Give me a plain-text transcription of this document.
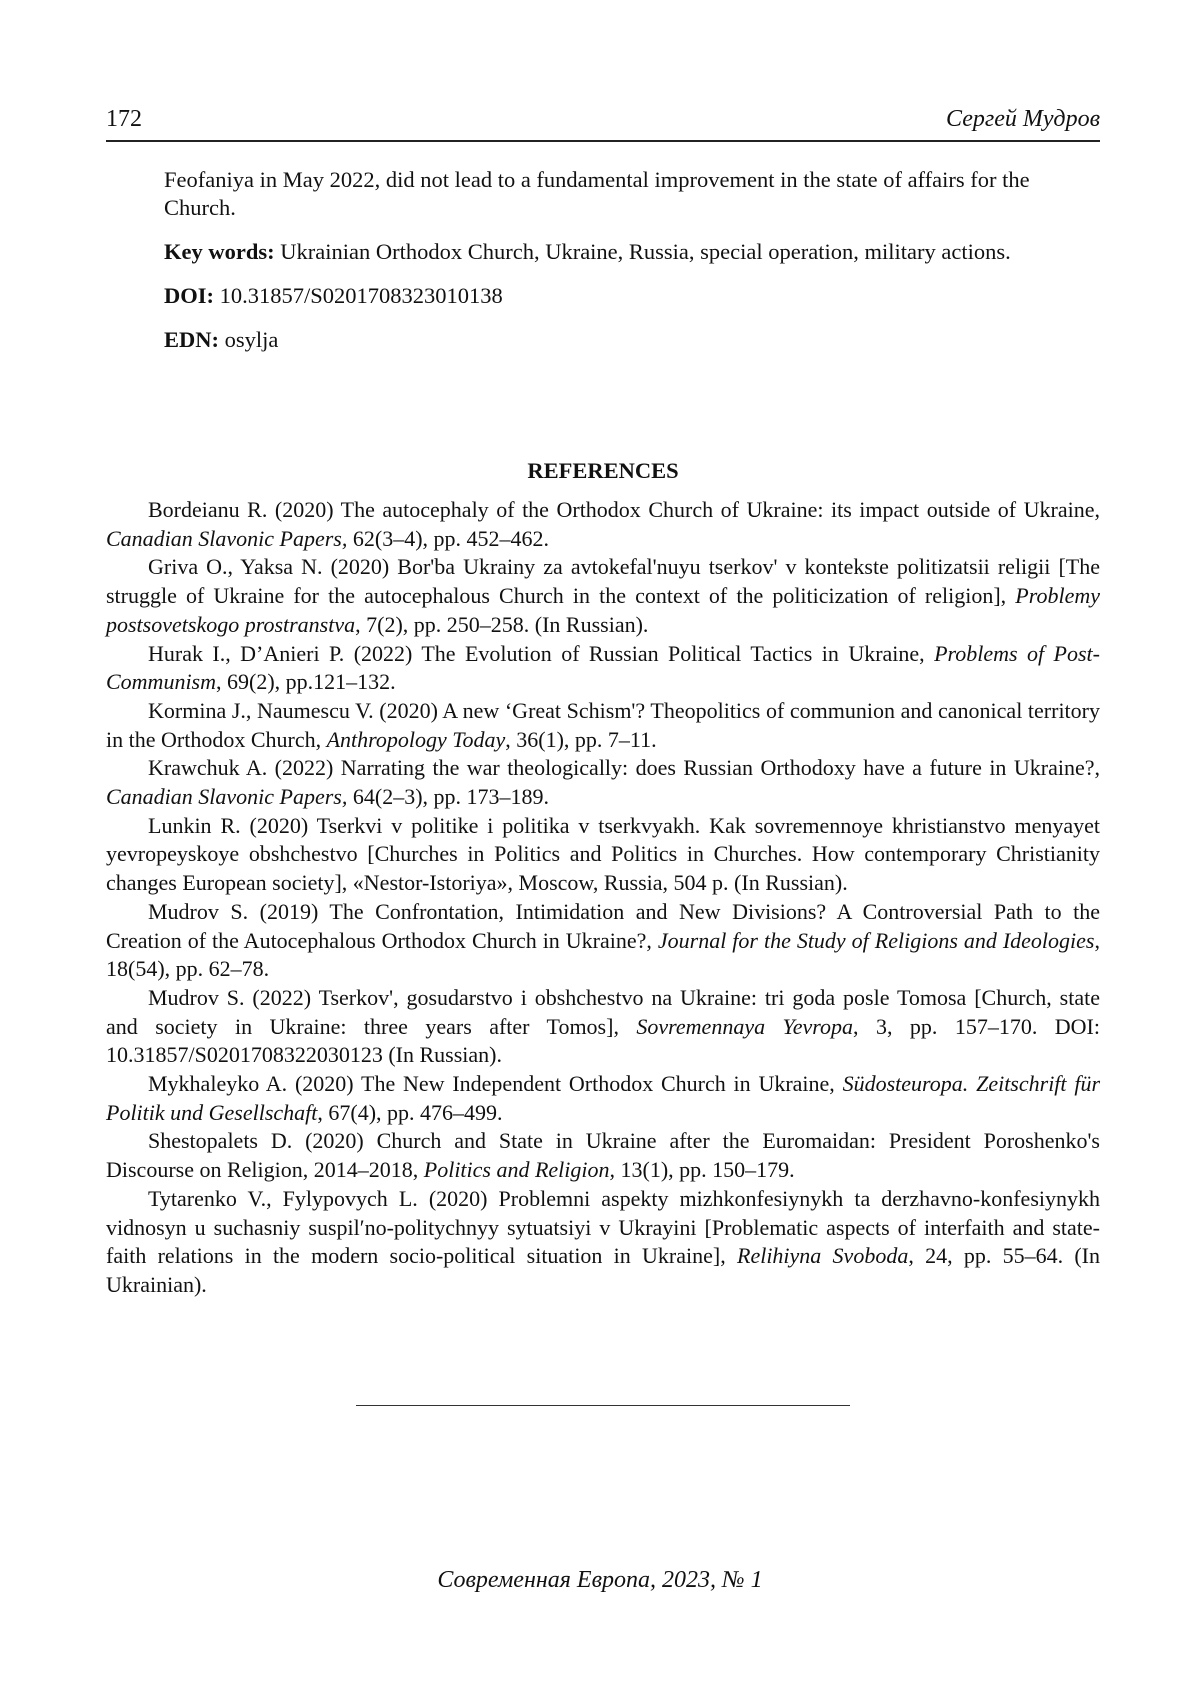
172	Сергей Мудров

Feofaniya in May 2022, did not lead to a fundamental improvement in the state of affairs for the Church.

Key words: Ukrainian Orthodox Church, Ukraine, Russia, special operation, military actions.

DOI: 10.31857/S0201708323010138

EDN: osylja

REFERENCES

Bordeianu R. (2020) The autocephaly of the Orthodox Church of Ukraine: its impact outside of Ukraine, Canadian Slavonic Papers, 62(3–4), pp. 452–462.

Griva O., Yaksa N. (2020) Bor'ba Ukrainy za avtokefal'nuyu tserkov' v kontekste politizatsii religii [The struggle of Ukraine for the autocephalous Church in the context of the politicization of religion], Problemy postsovetskogo prostranstva, 7(2), pp. 250–258. (In Russian).

Hurak I., D’Anieri P. (2022) The Evolution of Russian Political Tactics in Ukraine, Problems of Post-Communism, 69(2), pp.121–132.

Kormina J., Naumescu V. (2020) A new ‘Great Schism'? Theopolitics of communion and canonical territory in the Orthodox Church, Anthropology Today, 36(1), pp. 7–11.

Krawchuk A. (2022) Narrating the war theologically: does Russian Orthodoxy have a future in Ukraine?, Canadian Slavonic Papers, 64(2–3), pp. 173–189.

Lunkin R. (2020) Tserkvi v politike i politika v tserkvyakh. Kak sovremennoye khristianstvo menyayet yevropeyskoye obshchestvo [Churches in Politics and Politics in Churches. How contemporary Christianity changes European society], «Nestor-Istoriya», Moscow, Russia, 504 p. (In Russian).

Mudrov S. (2019) The Confrontation, Intimidation and New Divisions? A Controversial Path to the Creation of the Autocephalous Orthodox Church in Ukraine?, Journal for the Study of Religions and Ideologies, 18(54), pp. 62–78.

Mudrov S. (2022) Tserkov', gosudarstvo i obshchestvo na Ukraine: tri goda posle Tomosa [Church, state and society in Ukraine: three years after Tomos], Sovremennaya Yevropa, 3, pp. 157–170. DOI: 10.31857/S0201708322030123 (In Russian).

Mykhaleyko A. (2020) The New Independent Orthodox Church in Ukraine, Südosteuropa. Zeitschrift für Politik und Gesellschaft, 67(4), pp. 476–499.

Shestopalets D. (2020) Church and State in Ukraine after the Euromaidan: President Poroshenko's Discourse on Religion, 2014–2018, Politics and Religion, 13(1), pp. 150–179.

Tytarenko V., Fylypovych L. (2020) Problemni aspekty mizhkonfesiynykh ta derzhavno-konfesiynykh vidnosyn u suchasniy suspil′no-politychnyy sytuatsiyi v Ukrayini [Problematic aspects of interfaith and state-faith relations in the modern socio-political situation in Ukraine], Relihiyna Svoboda, 24, pp. 55–64. (In Ukrainian).

Современная Европа, 2023, № 1
